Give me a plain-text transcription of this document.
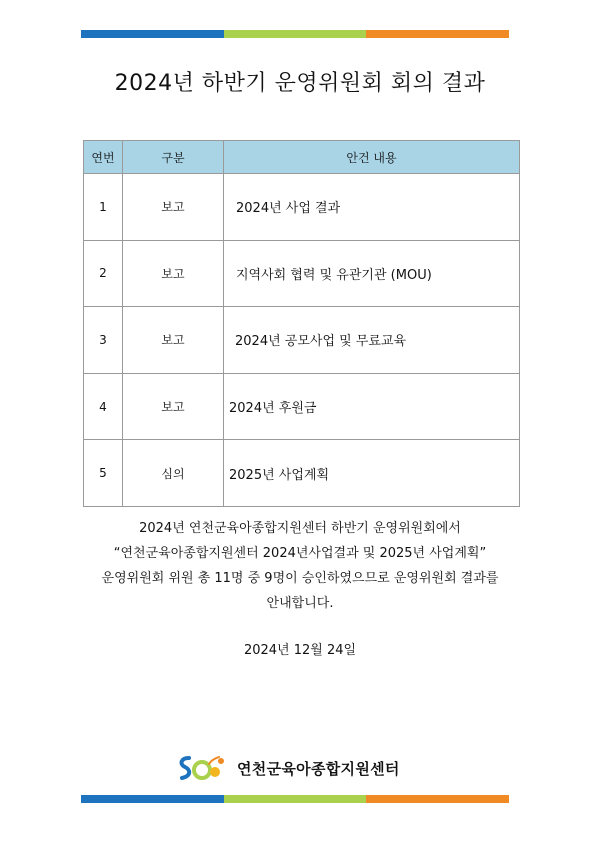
2024년 하반기 운영위원회 회의 결과
연번	구분	안건 내용
1	보고	2024년 사업 결과
2	보고	지역사회 협력 및 유관기관 (MOU)
3	보고	2024년 공모사업 및 무료교육
4	보고	2024년 후원금
5	심의	2025년 사업계획
2024년 연천군육아종합지원센터 하반기 운영위원회에서
“연천군육아종합지원센터 2024년사업결과 및 2025년 사업계획”
운영위원회 위원 총 11명 중 9명이 승인하였으므로 운영위원회 결과를
안내합니다.
2024년 12월 24일
연천군육아종합지원센터
